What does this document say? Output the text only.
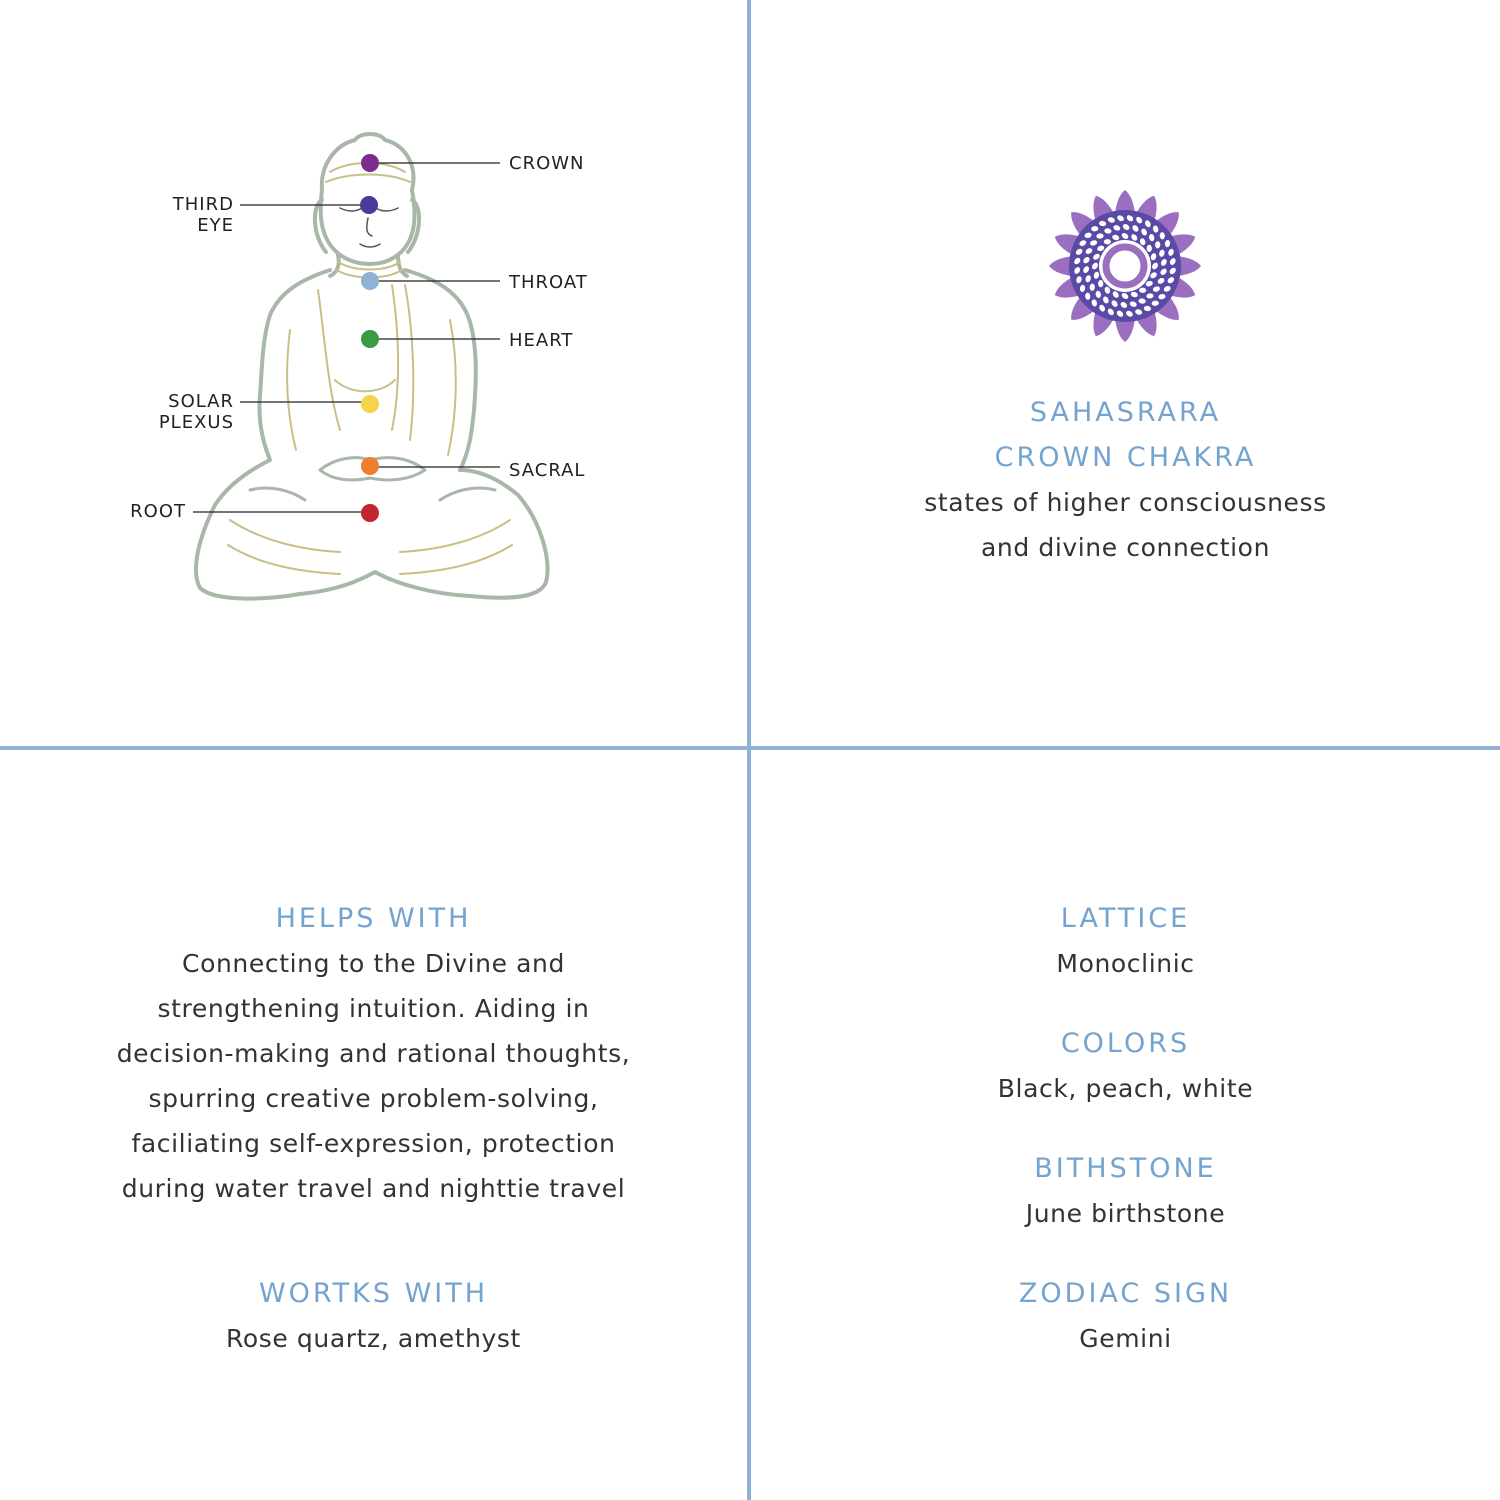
CROWN
THIRD
EYE
THROAT
HEART
SOLAR
PLEXUS
SACRAL
ROOT
SAHASRARA
CROWN CHAKRA
states of higher consciousness
and divine connection
HELPS WITH
Connecting to the Divine and
strengthening intuition. Aiding in
decision-making and rational thoughts,
spurring creative problem-solving,
faciliating self-expression, protection
during water travel and nighttie travel
WORTKS WITH
Rose quartz, amethyst
LATTICE
Monoclinic
COLORS
Black, peach, white
BITHSTONE
June birthstone
ZODIAC SIGN
Gemini
